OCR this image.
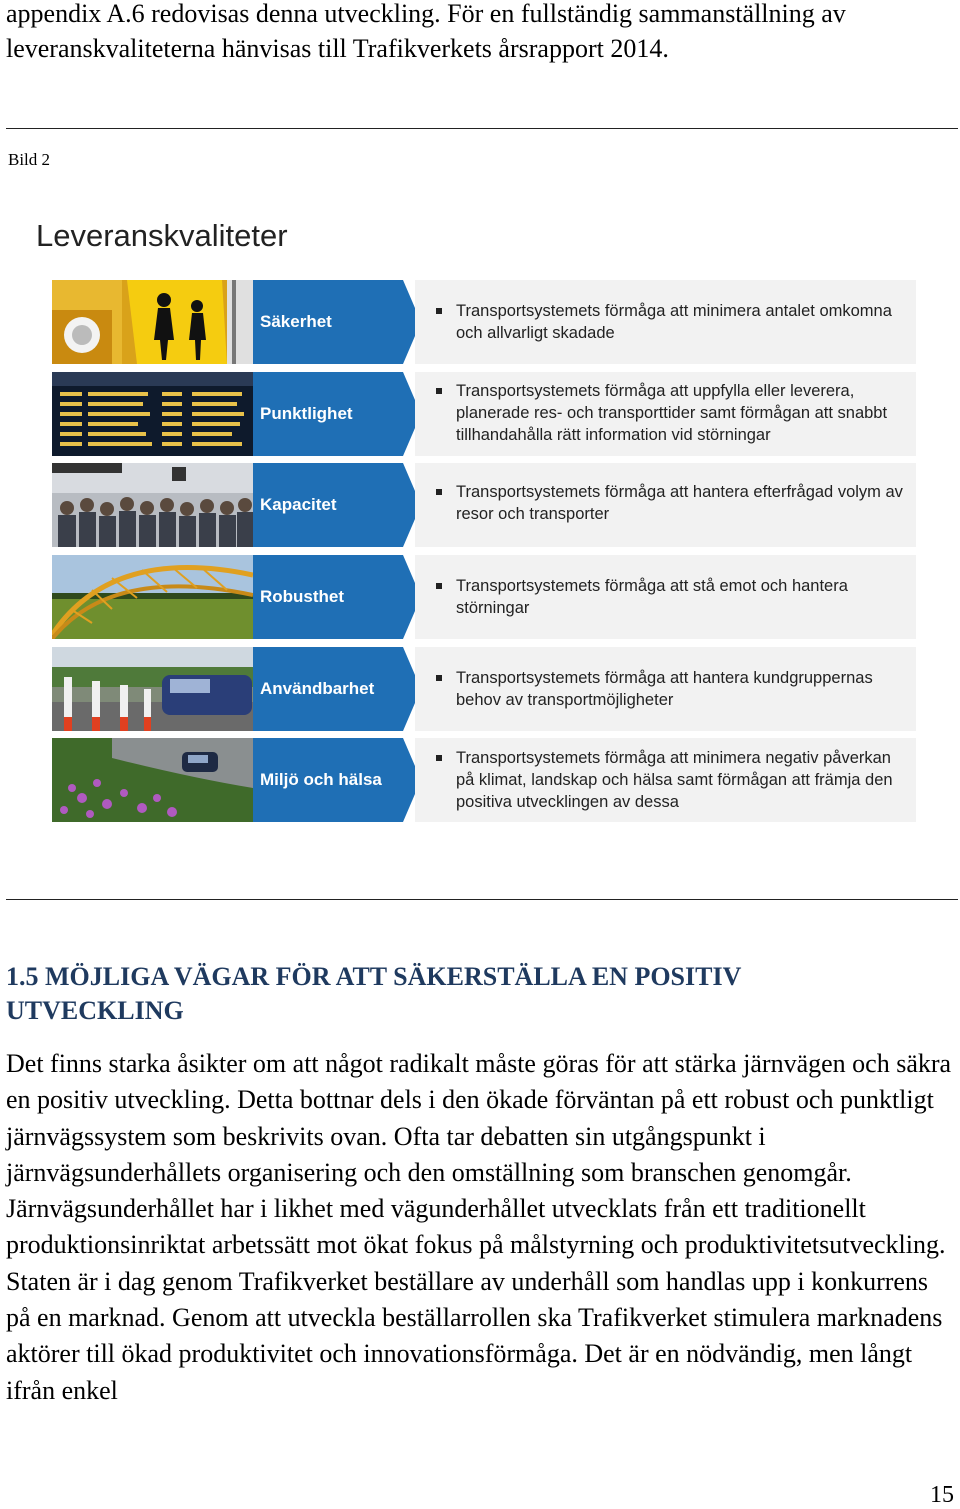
appendix A.6 redovisas denna utveckling. För en fullständig sammanställning av leveranskvaliteterna hänvisas till Trafikverkets årsrapport 2014.
Bild 2
Leveranskvaliteter
Säkerhet
Transportsystemets förmåga att minimera antalet omkomna och allvarligt skadade
Punktlighet
Transportsystemets förmåga att uppfylla eller leverera, planerade res- och transporttider samt förmågan att snabbt tillhandahålla rätt information vid störningar
Kapacitet
Transportsystemets förmåga att hantera efterfrågad volym av resor och transporter
Robusthet
Transportsystemets förmåga att stå emot och hantera störningar
Användbarhet
Transportsystemets förmåga att hantera kundgruppernas behov av transportmöjligheter
Miljö och hälsa
Transportsystemets förmåga att minimera negativ påverkan på klimat, landskap och hälsa samt förmågan att främja den positiva utvecklingen av dessa
1.5 MÖJLIGA VÄGAR FÖR ATT SÄKERSTÄLLA EN POSITIV UTVECKLING
Det finns starka åsikter om att något radikalt måste göras för att stärka järnvägen och säkra en positiv utveckling. Detta bottnar dels i den ökade förväntan på ett robust och punktligt järnvägssystem som beskrivits ovan. Ofta tar debatten sin utgångspunkt i järnvägsunderhållets organisering och den omställning som branschen genomgår. Järnvägsunderhållet har i likhet med vägunderhållet utvecklats från ett traditionellt produktionsinriktat arbetssätt mot ökat fokus på målstyrning och produktivitetsutveckling. Staten är i dag genom Trafikverket beställare av underhåll som handlas upp i konkurrens på en marknad. Genom att utveckla beställarrollen ska Trafikverket stimulera marknadens aktörer till ökad produktivitet och innovationsförmåga. Det är en nödvändig, men långt ifrån enkel
15
